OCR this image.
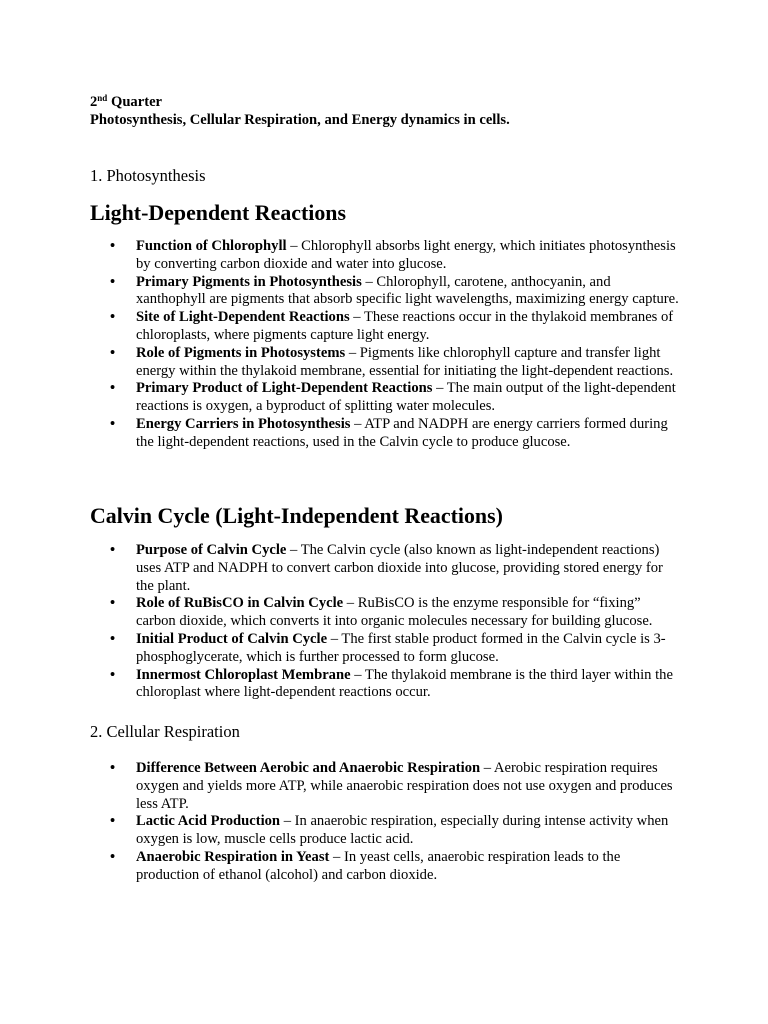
2nd Quarter
Photosynthesis, Cellular Respiration, and Energy dynamics in cells.
1. Photosynthesis
Light-Dependent Reactions
• Function of Chlorophyll – Chlorophyll absorbs light energy, which initiates photosynthesis by converting carbon dioxide and water into glucose.
• Primary Pigments in Photosynthesis – Chlorophyll, carotene, anthocyanin, and xanthophyll are pigments that absorb specific light wavelengths, maximizing energy capture.
• Site of Light-Dependent Reactions – These reactions occur in the thylakoid membranes of chloroplasts, where pigments capture light energy.
• Role of Pigments in Photosystems – Pigments like chlorophyll capture and transfer light energy within the thylakoid membrane, essential for initiating the light-dependent reactions.
• Primary Product of Light-Dependent Reactions – The main output of the light-dependent reactions is oxygen, a byproduct of splitting water molecules.
• Energy Carriers in Photosynthesis – ATP and NADPH are energy carriers formed during the light-dependent reactions, used in the Calvin cycle to produce glucose.
Calvin Cycle (Light-Independent Reactions)
• Purpose of Calvin Cycle – The Calvin cycle (also known as light-independent reactions) uses ATP and NADPH to convert carbon dioxide into glucose, providing stored energy for the plant.
• Role of RuBisCO in Calvin Cycle – RuBisCO is the enzyme responsible for “fixing” carbon dioxide, which converts it into organic molecules necessary for building glucose.
• Initial Product of Calvin Cycle – The first stable product formed in the Calvin cycle is 3-phosphoglycerate, which is further processed to form glucose.
• Innermost Chloroplast Membrane – The thylakoid membrane is the third layer within the chloroplast where light-dependent reactions occur.
2. Cellular Respiration
• Difference Between Aerobic and Anaerobic Respiration – Aerobic respiration requires oxygen and yields more ATP, while anaerobic respiration does not use oxygen and produces less ATP.
• Lactic Acid Production – In anaerobic respiration, especially during intense activity when oxygen is low, muscle cells produce lactic acid.
• Anaerobic Respiration in Yeast – In yeast cells, anaerobic respiration leads to the production of ethanol (alcohol) and carbon dioxide.
